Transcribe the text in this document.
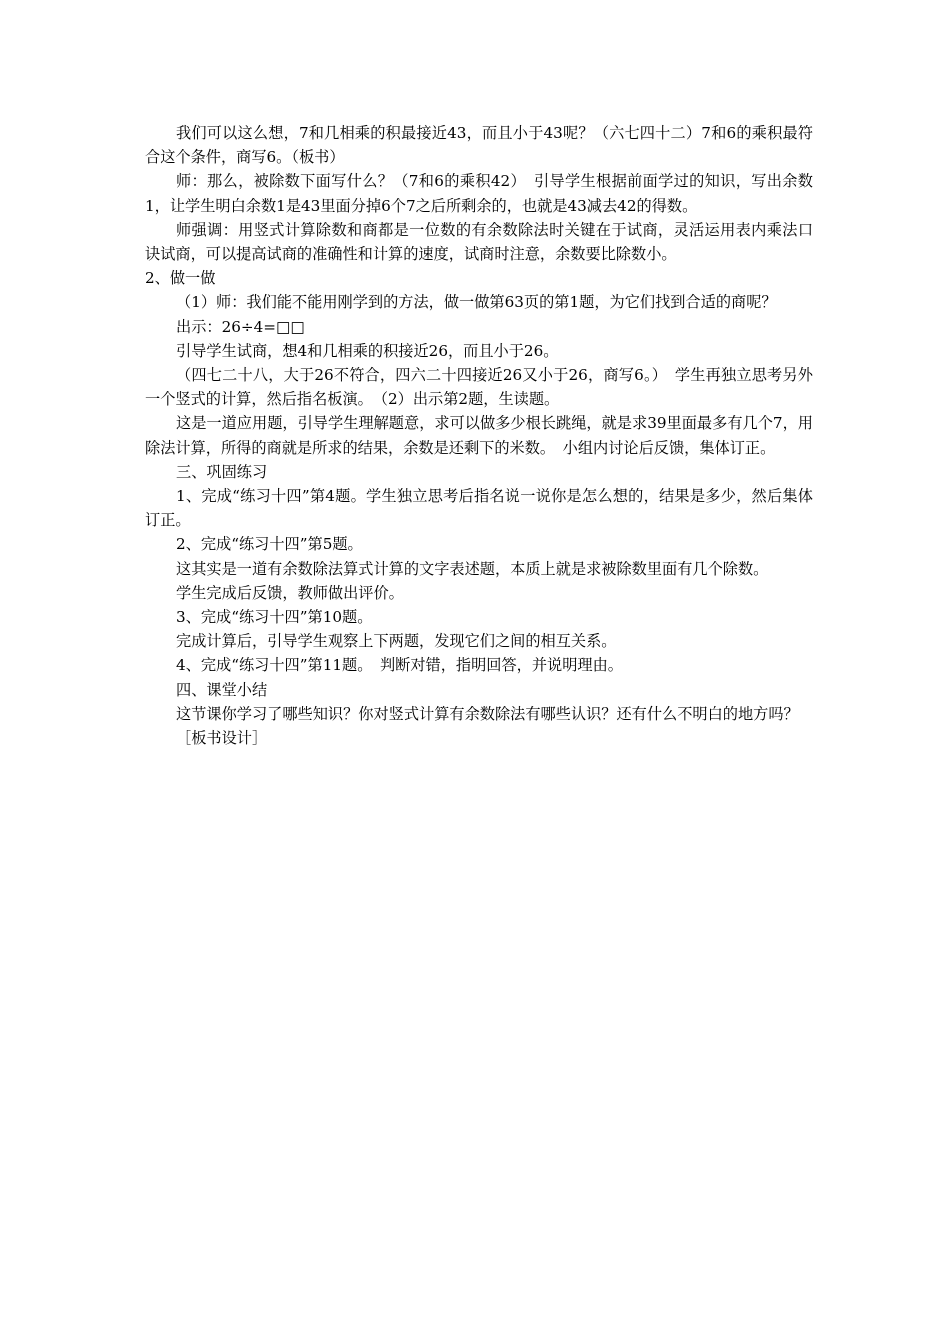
我们可以这么想，7和几相乘的积最接近43，而且小于43呢？（六七四十二）7和6的乘积最符合这个条件，商写6。（板书）

师：那么，被除数下面写什么？（7和6的乘积42）　引导学生根据前面学过的知识，写出余数1，让学生明白余数1是43里面分掉6个7之后所剩余的，也就是43减去42的得数。

师强调：用竖式计算除数和商都是一位数的有余数除法时关键在于试商，灵活运用表内乘法口诀试商，可以提高试商的准确性和计算的速度，试商时注意，余数要比除数小。

2、做一做

（1）师：我们能不能用刚学到的方法，做一做第63页的第1题，为它们找到合适的商呢？

出示：26÷4=□□

引导学生试商，想4和几相乘的积接近26，而且小于26。

（四七二十八，大于26不符合，四六二十四接近26又小于26，商写6。）　学生再独立思考另外一个竖式的计算，然后指名板演。　（2）出示第2题，生读题。

这是一道应用题，引导学生理解题意，求可以做多少根长跳绳，就是求39里面最多有几个7，用除法计算，所得的商就是所求的结果，余数是还剩下的米数。　小组内讨论后反馈，集体订正。

三、巩固练习

1、完成“练习十四”第4题。学生独立思考后指名说一说你是怎么想的，结果是多少，然后集体订正。

2、完成“练习十四”第5题。

这其实是一道有余数除法算式计算的文字表述题，本质上就是求被除数里面有几个除数。

学生完成后反馈，教师做出评价。

3、完成“练习十四”第10题。

完成计算后，引导学生观察上下两题，发现它们之间的相互关系。

4、完成“练习十四”第11题。　判断对错，指明回答，并说明理由。

四、课堂小结

这节课你学习了哪些知识？你对竖式计算有余数除法有哪些认识？还有什么不明白的地方吗？

［板书设计］
